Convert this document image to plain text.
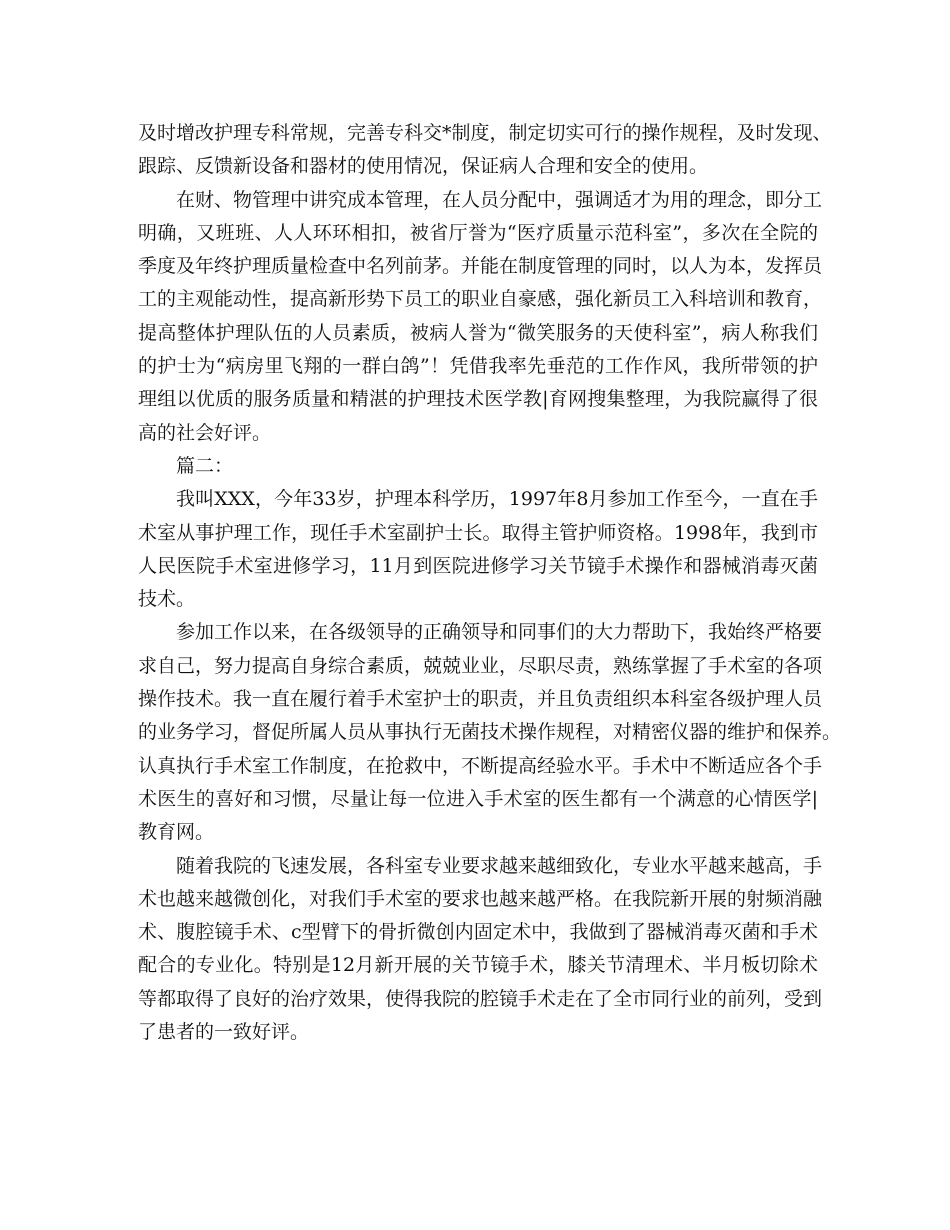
及时增改护理专科常规，完善专科交*制度，制定切实可行的操作规程，及时发现、
跟踪、反馈新设备和器材的使用情况，保证病人合理和安全的使用。
在财、物管理中讲究成本管理，在人员分配中，强调适才为用的理念，即分工
明确，又班班、人人环环相扣，被省厅誉为“医疗质量示范科室”，多次在全院的
季度及年终护理质量检查中名列前茅。并能在制度管理的同时，以人为本，发挥员
工的主观能动性，提高新形势下员工的职业自豪感，强化新员工入科培训和教育，
提高整体护理队伍的人员素质，被病人誉为“微笑服务的天使科室”，病人称我们
的护士为“病房里飞翔的一群白鸽”！凭借我率先垂范的工作作风，我所带领的护
理组以优质的服务质量和精湛的护理技术医学教|育网搜集整理，为我院赢得了很
高的社会好评。
篇二：
我叫XXX，今年33岁，护理本科学历，1997年8月参加工作至今，一直在手
术室从事护理工作，现任手术室副护士长。取得主管护师资格。1998年，我到市
人民医院手术室进修学习，11月到医院进修学习关节镜手术操作和器械消毒灭菌
技术。
参加工作以来，在各级领导的正确领导和同事们的大力帮助下，我始终严格要
求自己，努力提高自身综合素质，兢兢业业，尽职尽责，熟练掌握了手术室的各项
操作技术。我一直在履行着手术室护士的职责，并且负责组织本科室各级护理人员
的业务学习，督促所属人员从事执行无菌技术操作规程，对精密仪器的维护和保养。
认真执行手术室工作制度，在抢救中，不断提高经验水平。手术中不断适应各个手
术医生的喜好和习惯，尽量让每一位进入手术室的医生都有一个满意的心情医学|
教育网。
随着我院的飞速发展，各科室专业要求越来越细致化，专业水平越来越高，手
术也越来越微创化，对我们手术室的要求也越来越严格。在我院新开展的射频消融
术、腹腔镜手术、c型臂下的骨折微创内固定术中，我做到了器械消毒灭菌和手术
配合的专业化。特别是12月新开展的关节镜手术，膝关节清理术、半月板切除术
等都取得了良好的治疗效果，使得我院的腔镜手术走在了全市同行业的前列，受到
了患者的一致好评。
